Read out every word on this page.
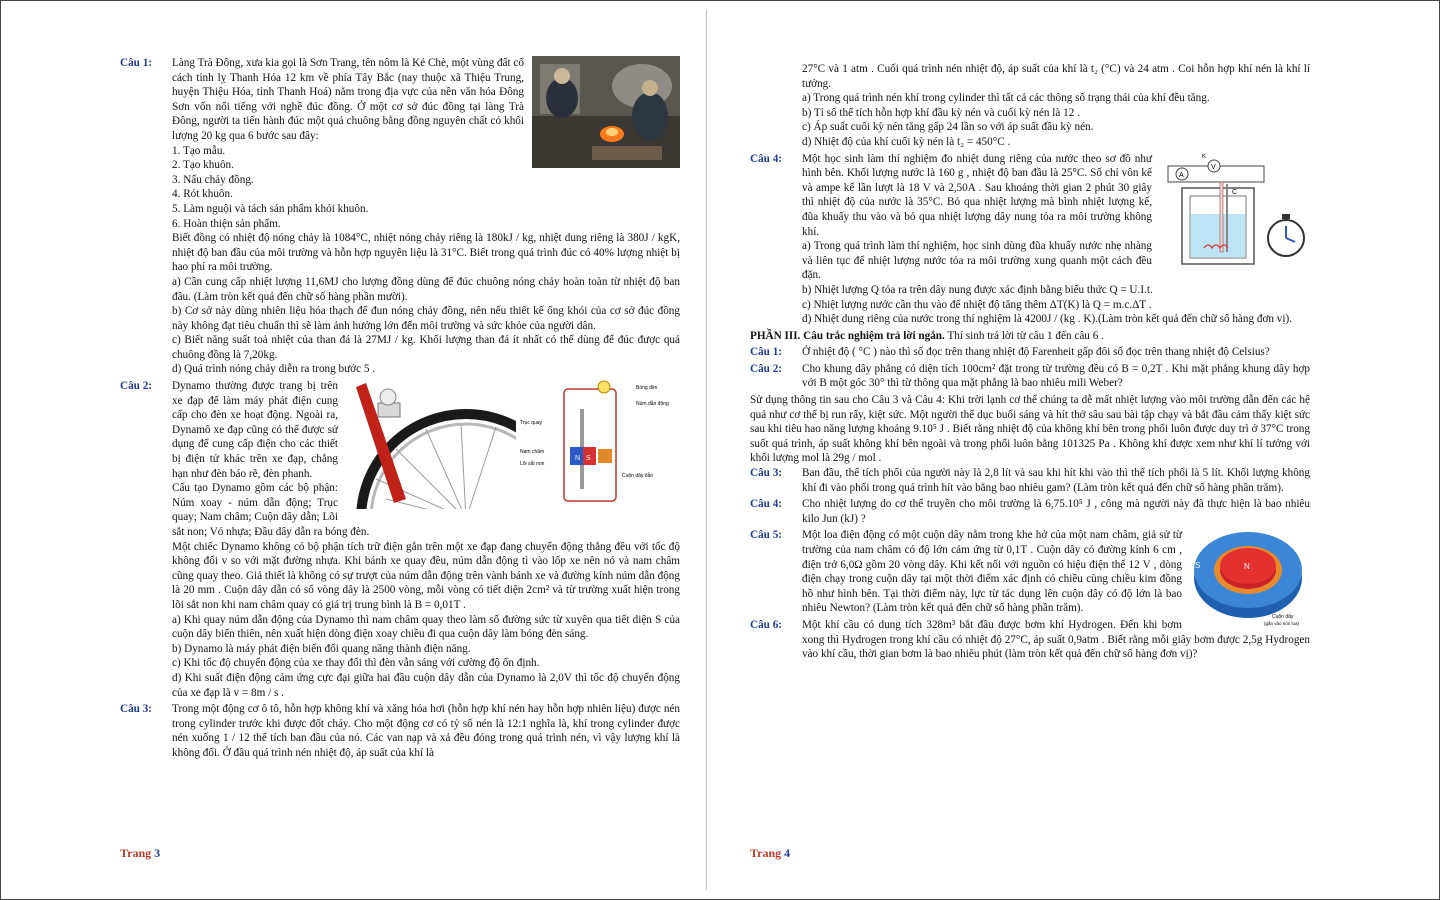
Câu 1: Làng Trà Đông, xưa kia gọi là Sơn Trang, tên nôm là Kẻ Chè, một vùng đất cổ cách tỉnh lỵ Thanh Hóa 12 km về phía Tây Bắc (nay thuộc xã Thiệu Trung, huyện Thiệu Hóa, tỉnh Thanh Hoá) nằm trong địa vực của nền văn hóa Đông Sơn vốn nổi tiếng với nghề đúc đồng. Ở một cơ sở đúc đồng tại làng Trà Đông, người ta tiến hành đúc một quả chuông bằng đồng nguyên chất có khối lượng 20 kg qua 6 bước sau đây:

1. Tạo mẫu.

2. Tạo khuôn.

3. Nấu chảy đồng.

4. Rót khuôn.

5. Làm nguội và tách sản phẩm khỏi khuôn.

6. Hoàn thiện sản phẩm.

Biết đồng có nhiệt độ nóng chảy là 1084°C, nhiệt nóng chảy riêng là 180kJ / kg, nhiệt dung riêng là 380J / kgK, nhiệt độ ban đầu của môi trường và hỗn hợp nguyên liệu là 31°C. Biết trong quá trình đúc có 40% lượng nhiệt bị hao phí ra môi trường.

a) Cần cung cấp nhiệt lượng 11,6MJ cho lượng đồng dùng để đúc chuông nóng chảy hoàn toàn từ nhiệt độ ban đầu. (Làm tròn kết quả đến chữ số hàng phần mười).

b) Cơ sở này dùng nhiên liệu hóa thạch để đun nóng chảy đồng, nên nếu thiết kế ống khói của cơ sở đúc đồng này không đạt tiêu chuẩn thì sẽ làm ảnh hưởng lớn đến môi trường và sức khỏe của người dân.

c) Biết năng suất toả nhiệt của than đá là 27MJ / kg. Khối lượng than đá ít nhất có thể dùng để đúc được quả chuông đồng là 7,20kg.

d) Quá trình nóng chảy diễn ra trong bước 5 .

Câu 2:
N S
Bóng đèn
Núm dẫn động
Trục quay
Nam châm
Lõi sắt non
Cuộn dây dẫn

Dynamo thường được trang bị trên xe đạp để làm máy phát điện cung cấp cho đèn xe hoạt động. Ngoài ra, Dynamô xe đạp cũng có thể được sử dụng để cung cấp điện cho các thiết bị điện tử khác trên xe đạp, chẳng hạn như đèn báo rẽ, đèn phanh.

Cấu tạo Dynamo gồm các bộ phận: Núm xoay - núm dẫn động; Trục quay; Nam châm; Cuộn dây dẫn; Lõi sắt non; Vỏ nhựa; Đầu dây dẫn ra bóng đèn.

Một chiếc Dynamo không có bộ phận tích trữ điện gắn trên một xe đạp đang chuyển động thẳng đều với tốc độ không đổi v so với mặt đường nhựa. Khi bánh xe quay đều, núm dẫn động tì vào lốp xe nên nó và nam châm cũng quay theo. Giả thiết là không có sự trượt của núm dẫn động trên vành bánh xe và đường kính núm dẫn động là 20 mm . Cuộn dây dẫn có số vòng dây là 2500 vòng, mỗi vòng có tiết diện 2cm² và từ trường xuất hiện trong lõi sắt non khi nam châm quay có giá trị trung bình là B = 0,01T .

a) Khi quay núm dẫn động của Dynamo thì nam châm quay theo làm số đường sức từ xuyên qua tiết diện S của cuộn dây biến thiên, nên xuất hiện dòng điện xoay chiều đi qua cuộn dây làm bóng đèn sáng.

b) Dynamo là máy phát điện biến đổi quang năng thành điện năng.

c) Khi tốc độ chuyển động của xe thay đổi thì đèn vẫn sáng với cường độ ổn định.

d) Khi suất điện động cảm ứng cực đại giữa hai đầu cuộn dây dẫn của Dynamo là 2,0V thì tốc độ chuyển động của xe đạp là v = 8m / s .

Câu 3: Trong một động cơ ô tô, hỗn hợp không khí và xăng hóa hơi (hỗn hợp khí nén hay hỗn hợp nhiên liệu) được nén trong cylinder trước khi được đốt cháy. Cho một động cơ có tỷ số nén là 12:1 nghĩa là, khí trong cylinder được nén xuống 1 / 12 thể tích ban đầu của nó. Các van nạp và xả đều đóng trong quá trình nén, vì vậy lượng khí là không đổi. Ở đầu quá trình nén nhiệt độ, áp suất của khí là

Trang 3

27°C và 1 atm . Cuối quá trình nén nhiệt độ, áp suất của khí là t₂ (°C) và 24 atm . Coi hỗn hợp khí nén là khí lí tưởng.

a) Trong quá trình nén khí trong cylinder thì tất cả các thông số trạng thái của khí đều tăng.

b) Tỉ số thể tích hỗn hợp khí đầu kỳ nén và cuối kỳ nén là 12 .

c) Áp suất cuối kỳ nén tăng gấp 24 lần so với áp suất đầu kỳ nén.

d) Nhiệt độ của khí cuối kỳ nén là t₂ = 450°C .

Câu 4:
A
V
K
C

Một học sinh làm thí nghiệm đo nhiệt dung riêng của nước theo sơ đồ như hình bên. Khối lượng nước là 160 g , nhiệt độ ban đầu là 25°C. Số chỉ vôn kế và ampe kế lần lượt là 18 V và 2,50A . Sau khoảng thời gian 2 phút 30 giây thì nhiệt độ của nước là 35°C. Bỏ qua nhiệt lượng mà bình nhiệt lượng kế, đũa khuấy thu vào và bỏ qua nhiệt lượng dây nung tỏa ra môi trường không khí.

a) Trong quá trình làm thí nghiệm, học sinh dùng đũa khuấy nước nhẹ nhàng và liên tục để nhiệt lượng nước tỏa ra môi trường xung quanh một cách đều đặn.

b) Nhiệt lượng Q tỏa ra trên dây nung được xác định bằng biểu thức Q = U.I.t.

c) Nhiệt lượng nước cần thu vào để nhiệt độ tăng thêm ΔT(K) là Q = m.c.ΔT .

d) Nhiệt dung riêng của nước trong thí nghiệm là 4200J / (kg . K).(Làm tròn kết quả đến chữ số hàng đơn vị).

PHẦN III. Câu trắc nghiệm trả lời ngắn. Thí sinh trả lời từ câu 1 đến câu 6 .

Câu 1: Ở nhiệt độ ( °C ) nào thì số đọc trên thang nhiệt độ Farenheit gấp đôi số đọc trên thang nhiệt độ Celsius?

Câu 2: Cho khung dây phẳng có diện tích 100cm² đặt trong từ trường đều có B = 0,2T . Khi mặt phẳng khung dây hợp với B một góc 30° thì từ thông qua mặt phẳng là bao nhiêu mili Weber?

Sử dụng thông tin sau cho Câu 3 và Câu 4: Khi trời lạnh cơ thể chúng ta dễ mất nhiệt lượng vào môi trường dẫn đến các hệ quả như cơ thể bị run rẩy, kiệt sức. Một người thể dục buổi sáng và hít thở sâu sau bài tập chạy và bắt đầu cảm thấy kiệt sức sau khi tiêu hao năng lượng khoảng 9.10⁵ J . Biết rằng nhiệt độ của không khí bên trong phổi luôn được duy trì ở 37°C trong suốt quá trình, áp suất không khí bên ngoài và trong phổi luôn bằng 101325 Pa . Không khí được xem như khí lí tưởng với khối lượng mol là 29g / mol .

Câu 3: Ban đầu, thể tích phổi của người này là 2,8 lít và sau khi hít khi vào thì thể tích phổi là 5 lít. Khối lượng không khí đi vào phổi trong quá trình hít vào bằng bao nhiêu gam? (Làm tròn kết quả đến chữ số hàng phần trăm).

Câu 4: Cho nhiệt lượng do cơ thể truyền cho môi trường là 6,75.10⁵ J , công mà người này đã thực hiện là bao nhiêu kilo Jun (kJ) ?

Câu 5:
S	N
Cuộn dây
(gắn vào nón loa)

Một loa điện động có một cuộn dây nằm trong khe hở của một nam châm, giả sử từ trường của nam châm có độ lớn cảm ứng từ 0,1T . Cuộn dây có đường kính 6 cm , điện trở 6,0Ω gồm 20 vòng dây. Khi kết nối với nguồn có hiệu điện thế 12 V , dòng điện chạy trong cuộn dây tại một thời điểm xác định có chiều cùng chiều kim đồng hồ như hình bên. Tại thời điểm này, lực từ tác dụng lên cuộn dây có độ lớn là bao nhiêu Newton? (Làm tròn kết quả đến chữ số hàng phần trăm).

Câu 6: Một khí cầu có dung tích 328m³ bắt đầu được bơm khí Hydrogen. Đến khi bơm xong thì Hydrogen trong khí cầu có nhiệt độ 27°C, áp suất 0,9atm . Biết rằng mỗi giây bơm được 2,5g Hydrogen vào khí cầu, thời gian bơm là bao nhiêu phút (làm tròn kết quả đến chữ số hàng đơn vị)?

Trang 4
